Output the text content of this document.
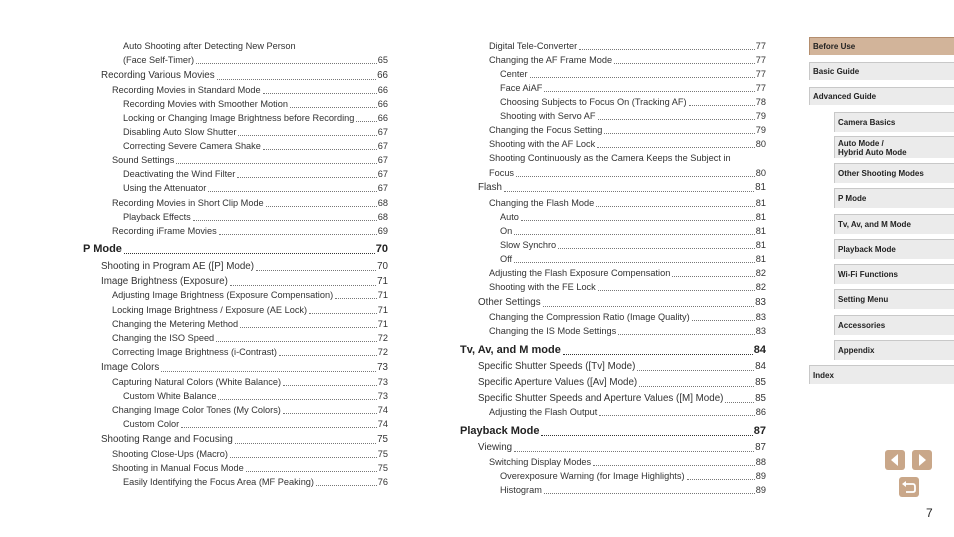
Auto Shooting after Detecting New Person
(Face Self-Timer)	65
Recording Various Movies	66
Recording Movies in Standard Mode	66
Recording Movies with Smoother Motion	66
Locking or Changing Image Brightness before Recording	66
Disabling Auto Slow Shutter	67
Correcting Severe Camera Shake	67
Sound Settings	67
Deactivating the Wind Filter	67
Using the Attenuator	67
Recording Movies in Short Clip Mode	68
Playback Effects	68
Recording iFrame Movies	69
P Mode	70
Shooting in Program AE ([P] Mode)	70
Image Brightness (Exposure)	71
Adjusting Image Brightness (Exposure Compensation)	71
Locking Image Brightness / Exposure (AE Lock)	71
Changing the Metering Method	71
Changing the ISO Speed	72
Correcting Image Brightness (i-Contrast)	72
Image Colors	73
Capturing Natural Colors (White Balance)	73
Custom White Balance	73
Changing Image Color Tones (My Colors)	74
Custom Color	74
Shooting Range and Focusing	75
Shooting Close-Ups (Macro)	75
Shooting in Manual Focus Mode	75
Easily Identifying the Focus Area (MF Peaking)	76
Digital Tele-Converter	77
Changing the AF Frame Mode	77
Center	77
Face AiAF	77
Choosing Subjects to Focus On (Tracking AF)	78
Shooting with Servo AF	79
Changing the Focus Setting	79
Shooting with the AF Lock	80
Shooting Continuously as the Camera Keeps the Subject in
Focus	80
Flash	81
Changing the Flash Mode	81
Auto	81
On	81
Slow Synchro	81
Off	81
Adjusting the Flash Exposure Compensation	82
Shooting with the FE Lock	82
Other Settings	83
Changing the Compression Ratio (Image Quality)	83
Changing the IS Mode Settings	83
Tv, Av, and M mode	84
Specific Shutter Speeds ([Tv] Mode)	84
Specific Aperture Values ([Av] Mode)	85
Specific Shutter Speeds and Aperture Values ([M] Mode)	85
Adjusting the Flash Output	86
Playback Mode	87
Viewing	87
Switching Display Modes	88
Overexposure Warning (for Image Highlights)	89
Histogram	89
Before Use
Basic Guide
Advanced Guide
Camera Basics
Auto Mode /
Hybrid Auto Mode
Other Shooting Modes
P Mode
Tv, Av, and M Mode
Playback Mode
Wi-Fi Functions
Setting Menu
Accessories
Appendix
Index
7
